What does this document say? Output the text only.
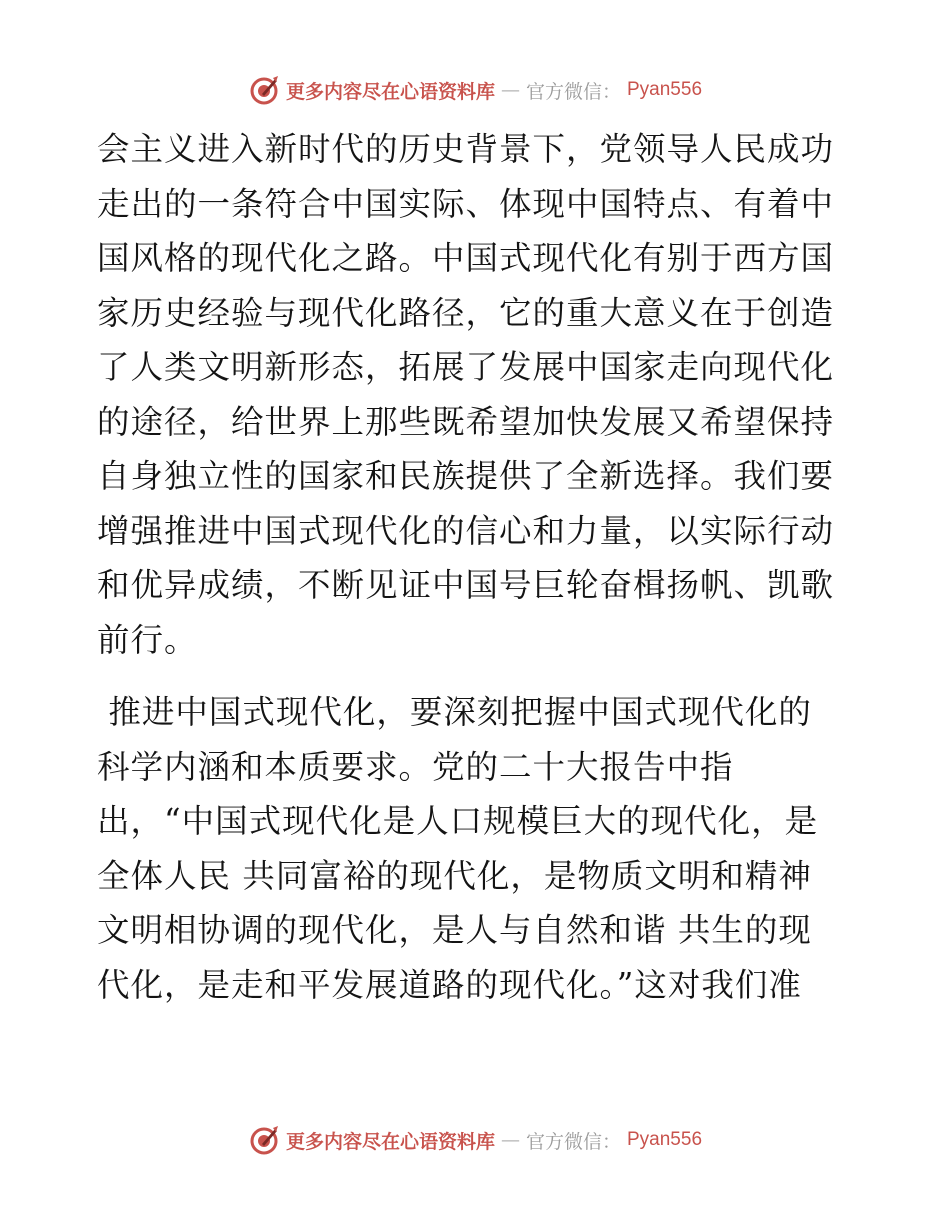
更多内容尽在心语资料库 — 官方微信： Pyan556
会主义进入新时代的历史背景下，党领导人民成功
走出的一条符合中国实际、体现中国特点、有着中
国风格的现代化之路。中国式现代化有别于西方国
家历史经验与现代化路径，它的重大意义在于创造
了人类文明新形态，拓展了发展中国家走向现代化
的途径，给世界上那些既希望加快发展又希望保持
自身独立性的国家和民族提供了全新选择。我们要
增强推进中国式现代化的信心和力量，以实际行动
和优异成绩，不断见证中国号巨轮奋楫扬帆、凯歌
前行。
推进中国式现代化，要深刻把握中国式现代化的
科学内涵和本质要求。党的二十大报告中指
出，“中国式现代化是人口规模巨大的现代化，是
全体人民 共同富裕的现代化，是物质文明和精神
文明相协调的现代化，是人与自然和谐 共生的现
代化，是走和平发展道路的现代化。”这对我们准
更多内容尽在心语资料库 — 官方微信： Pyan556
